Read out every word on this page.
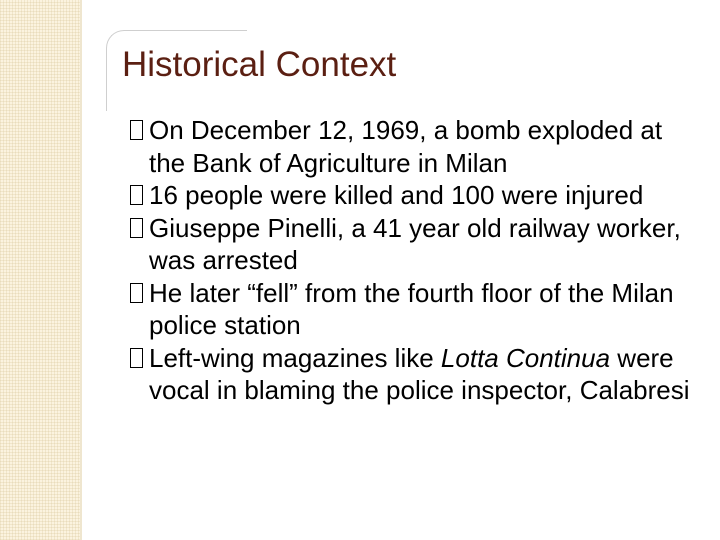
Historical Context
On December 12, 1969, a bomb exploded at the Bank of Agriculture in Milan
16 people were killed and 100 were injured
Giuseppe Pinelli, a 41 year old railway worker, was arrested
He later “fell” from the fourth floor of the Milan police station
Left-wing magazines like Lotta Continua were vocal in blaming the police inspector, Calabresi
